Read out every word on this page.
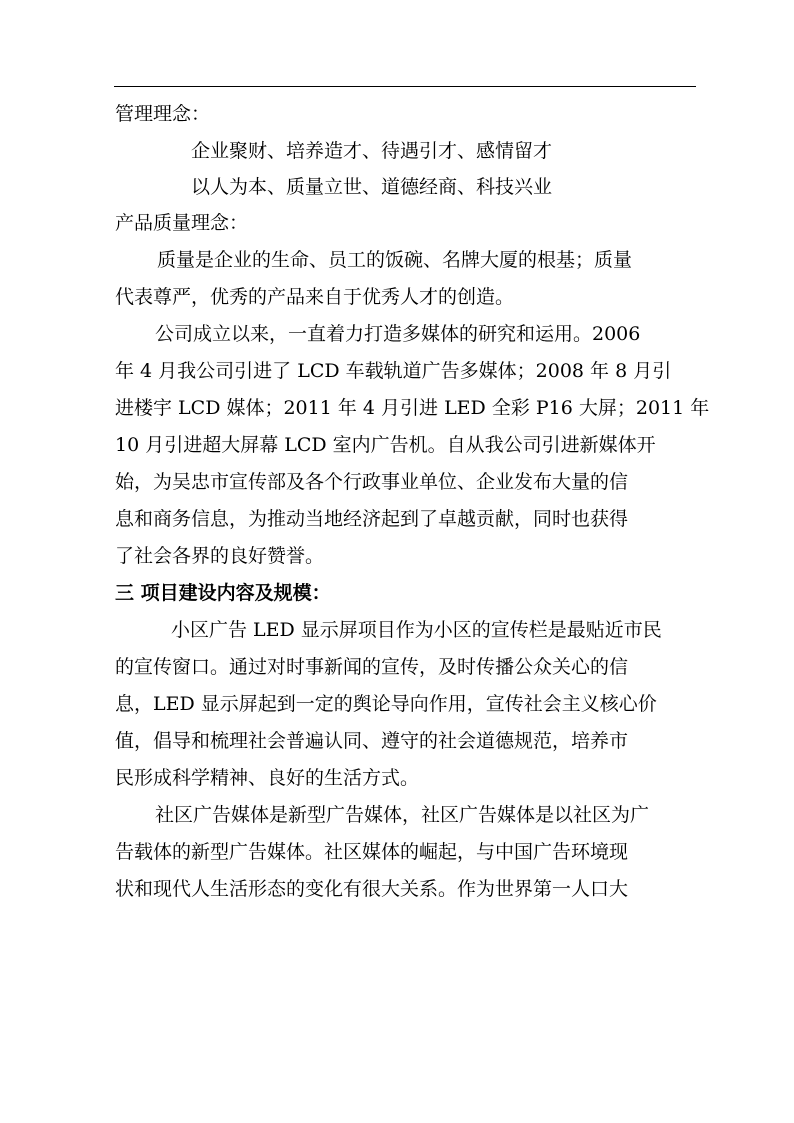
管理理念：
企业聚财、培养造才、待遇引才、感情留才
以人为本、质量立世、道德经商、科技兴业
产品质量理念：
质量是企业的生命、员工的饭碗、名牌大厦的根基；质量
代表尊严，优秀的产品来自于优秀人才的创造。
公司成立以来，一直着力打造多媒体的研究和运用。2006
年 4 月我公司引进了 LCD 车载轨道广告多媒体；2008 年 8 月引
进楼宇 LCD 媒体；2011 年 4 月引进 LED 全彩 P16 大屏；2011 年
10 月引进超大屏幕 LCD 室内广告机。自从我公司引进新媒体开
始，为吴忠市宣传部及各个行政事业单位、企业发布大量的信
息和商务信息，为推动当地经济起到了卓越贡献，同时也获得
了社会各界的良好赞誉。
三 项目建设内容及规模：
小区广告 LED 显示屏项目作为小区的宣传栏是最贴近市民
的宣传窗口。通过对时事新闻的宣传，及时传播公众关心的信
息，LED 显示屏起到一定的舆论导向作用，宣传社会主义核心价
值，倡导和梳理社会普遍认同、遵守的社会道德规范，培养市
民形成科学精神、良好的生活方式。
社区广告媒体是新型广告媒体，社区广告媒体是以社区为广
告载体的新型广告媒体。社区媒体的崛起，与中国广告环境现
状和现代人生活形态的变化有很大关系。作为世界第一人口大
